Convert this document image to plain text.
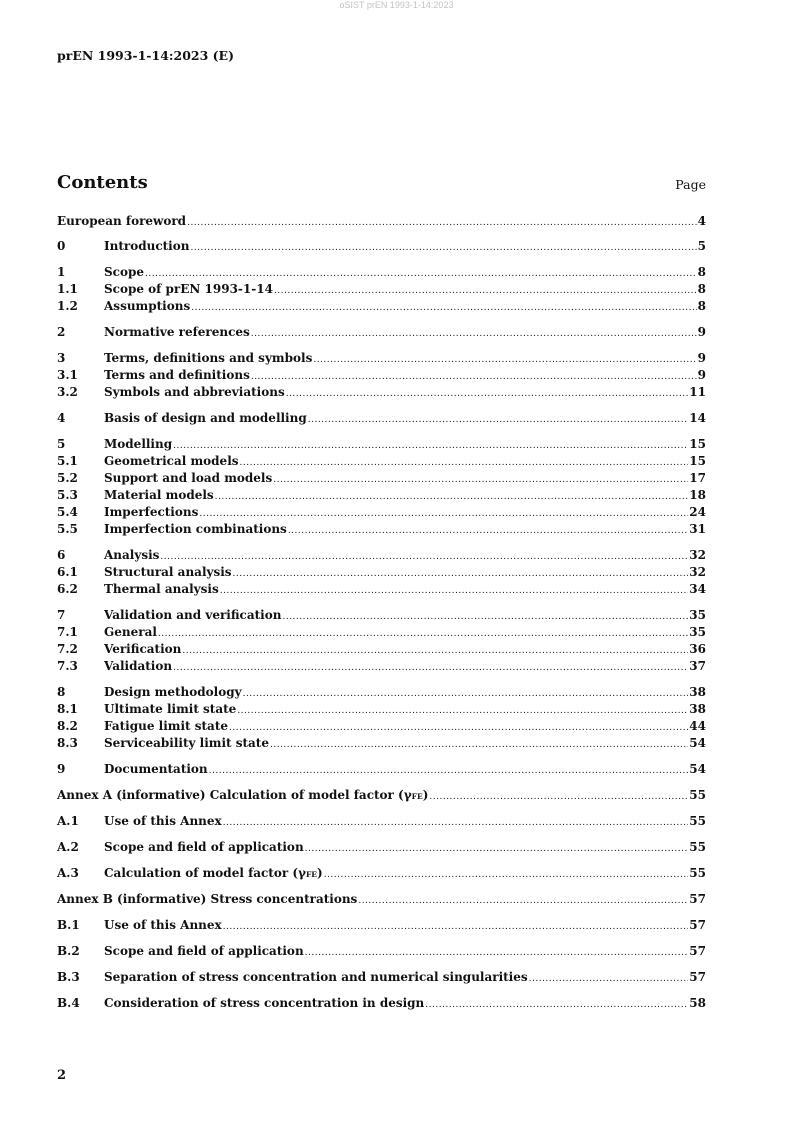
oSIST prEN 1993-1-14:2023
prEN 1993-1-14:2023 (E)
Contents	Page
European foreword .....	4
0	Introduction .....	5
1	Scope .....	8
1.1	Scope of prEN 1993-1-14 .....	8
1.2	Assumptions .....	8
2	Normative references .....	9
3	Terms, definitions and symbols .....	9
3.1	Terms and definitions .....	9
3.2	Symbols and abbreviations .....	11
4	Basis of design and modelling .....	14
5	Modelling .....	15
5.1	Geometrical models .....	15
5.2	Support and load models .....	17
5.3	Material models .....	18
5.4	Imperfections .....	24
5.5	Imperfection combinations .....	31
6	Analysis .....	32
6.1	Structural analysis .....	32
6.2	Thermal analysis .....	34
7	Validation and verification .....	35
7.1	General .....	35
7.2	Verification .....	36
7.3	Validation .....	37
8	Design methodology .....	38
8.1	Ultimate limit state .....	38
8.2	Fatigue limit state .....	44
8.3	Serviceability limit state .....	54
9	Documentation .....	54
Annex A (informative) Calculation of model factor (γFE) .....	55
A.1	Use of this Annex .....	55
A.2	Scope and field of application .....	55
A.3	Calculation of model factor (γFE) .....	55
Annex B (informative) Stress concentrations .....	57
B.1	Use of this Annex .....	57
B.2	Scope and field of application .....	57
B.3	Separation of stress concentration and numerical singularities .....	57
B.4	Consideration of stress concentration in design .....	58
2
